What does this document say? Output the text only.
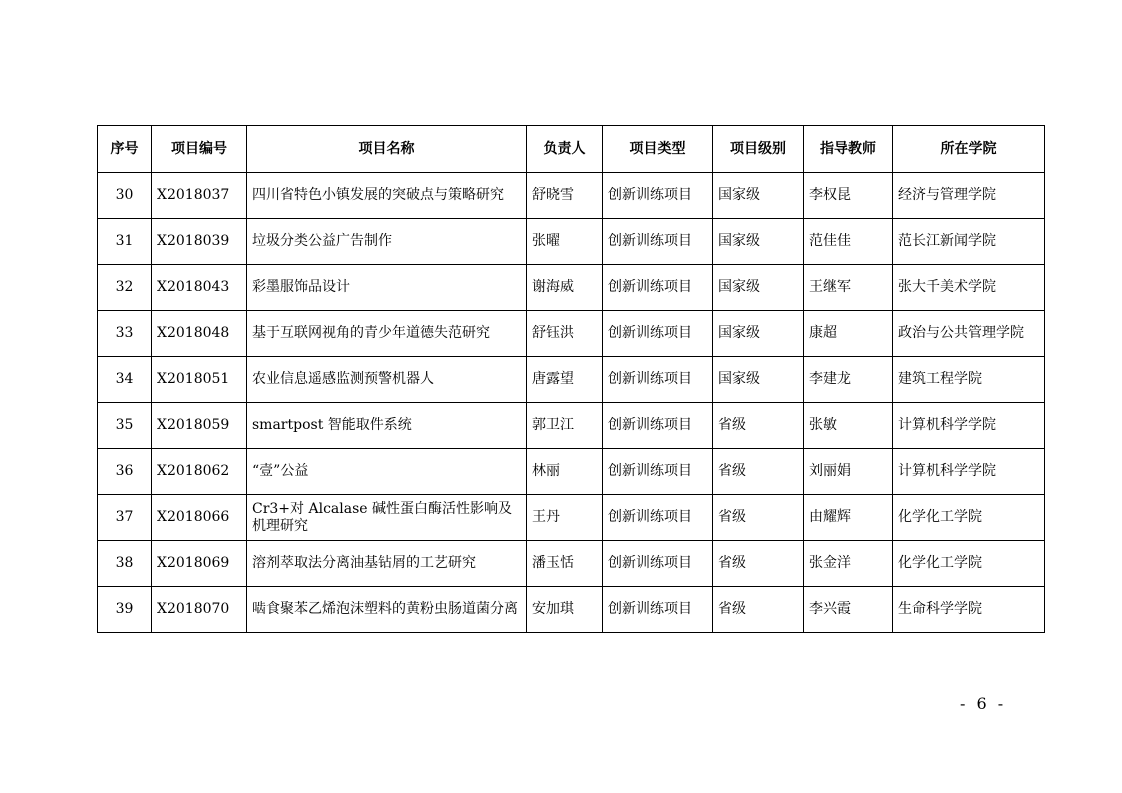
序号	项目编号	项目名称	负责人	项目类型	项目级别	指导教师	所在学院
30	X2018037	四川省特色小镇发展的突破点与策略研究	舒晓雪	创新训练项目	国家级	李权昆	经济与管理学院
31	X2018039	垃圾分类公益广告制作	张曜	创新训练项目	国家级	范佳佳	范长江新闻学院
32	X2018043	彩墨服饰品设计	谢海威	创新训练项目	国家级	王继军	张大千美术学院
33	X2018048	基于互联网视角的青少年道德失范研究	舒钰洪	创新训练项目	国家级	康超	政治与公共管理学院
34	X2018051	农业信息遥感监测预警机器人	唐露望	创新训练项目	国家级	李建龙	建筑工程学院
35	X2018059	smartpost 智能取件系统	郭卫江	创新训练项目	省级	张敏	计算机科学学院
36	X2018062	“壹”公益	林丽	创新训练项目	省级	刘丽娟	计算机科学学院
37	X2018066	Cr3+对 Alcalase 碱性蛋白酶活性影响及机理研究	王丹	创新训练项目	省级	由耀辉	化学化工学院
38	X2018069	溶剂萃取法分离油基钻屑的工艺研究	潘玉恬	创新训练项目	省级	张金洋	化学化工学院
39	X2018070	啮食聚苯乙烯泡沫塑料的黄粉虫肠道菌分离	安加琪	创新训练项目	省级	李兴霞	生命科学学院
- 6 -
